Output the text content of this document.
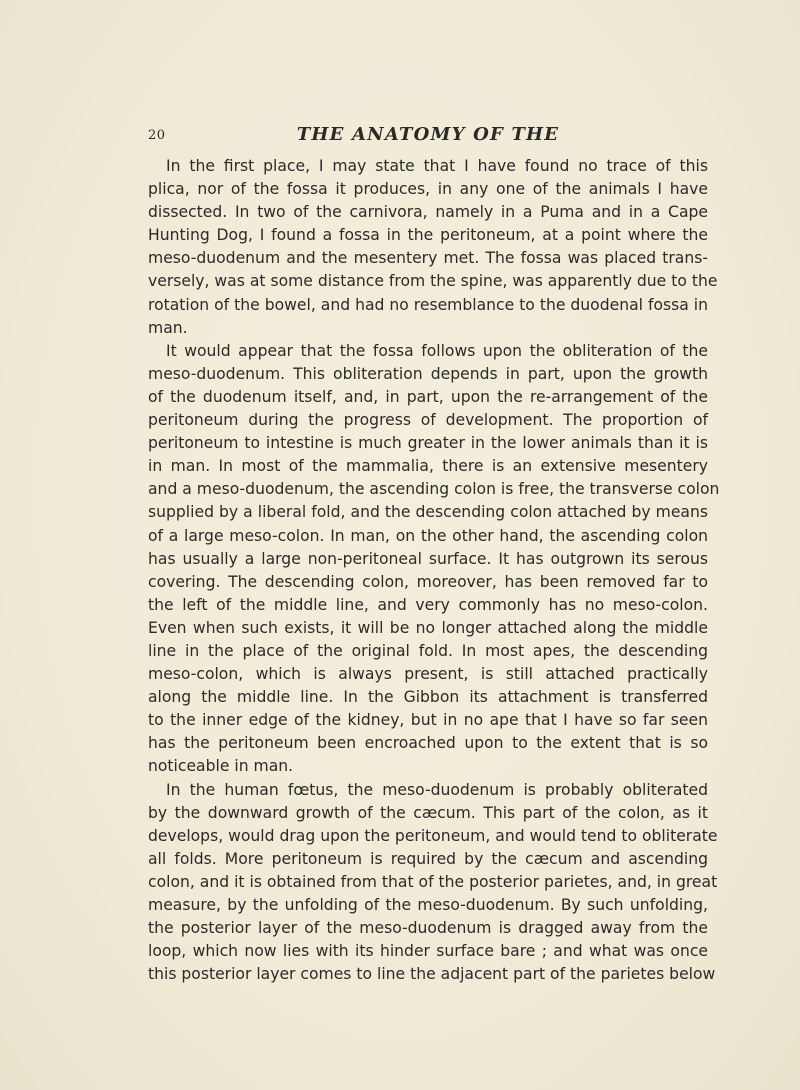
20	THE ANATOMY OF THE
In the first place, I may state that I have found no trace of this
plica, nor of the fossa it produces, in any one of the animals I have
dissected. In two of the carnivora, namely in a Puma and in a Cape
Hunting Dog, I found a fossa in the peritoneum, at a point where the
meso-duodenum and the mesentery met. The fossa was placed trans-
versely, was at some distance from the spine, was apparently due to the
rotation of the bowel, and had no resemblance to the duodenal fossa in
man.
It would appear that the fossa follows upon the obliteration of the
meso-duodenum. This obliteration depends in part, upon the growth
of the duodenum itself, and, in part, upon the re-arrangement of the
peritoneum during the progress of development. The proportion of
peritoneum to intestine is much greater in the lower animals than it is
in man. In most of the mammalia, there is an extensive mesentery
and a meso-duodenum, the ascending colon is free, the transverse colon
supplied by a liberal fold, and the descending colon attached by means
of a large meso-colon. In man, on the other hand, the ascending colon
has usually a large non-peritoneal surface. It has outgrown its serous
covering. The descending colon, moreover, has been removed far to
the left of the middle line, and very commonly has no meso-colon.
Even when such exists, it will be no longer attached along the middle
line in the place of the original fold. In most apes, the descending
meso-colon, which is always present, is still attached practically
along the middle line. In the Gibbon its attachment is transferred
to the inner edge of the kidney, but in no ape that I have so far seen
has the peritoneum been encroached upon to the extent that is so
noticeable in man.
In the human fœtus, the meso-duodenum is probably obliterated
by the downward growth of the cæcum. This part of the colon, as it
develops, would drag upon the peritoneum, and would tend to obliterate
all folds. More peritoneum is required by the cæcum and ascending
colon, and it is obtained from that of the posterior parietes, and, in great
measure, by the unfolding of the meso-duodenum. By such unfolding,
the posterior layer of the meso-duodenum is dragged away from the
loop, which now lies with its hinder surface bare ; and what was once
this posterior layer comes to line the adjacent part of the parietes below
